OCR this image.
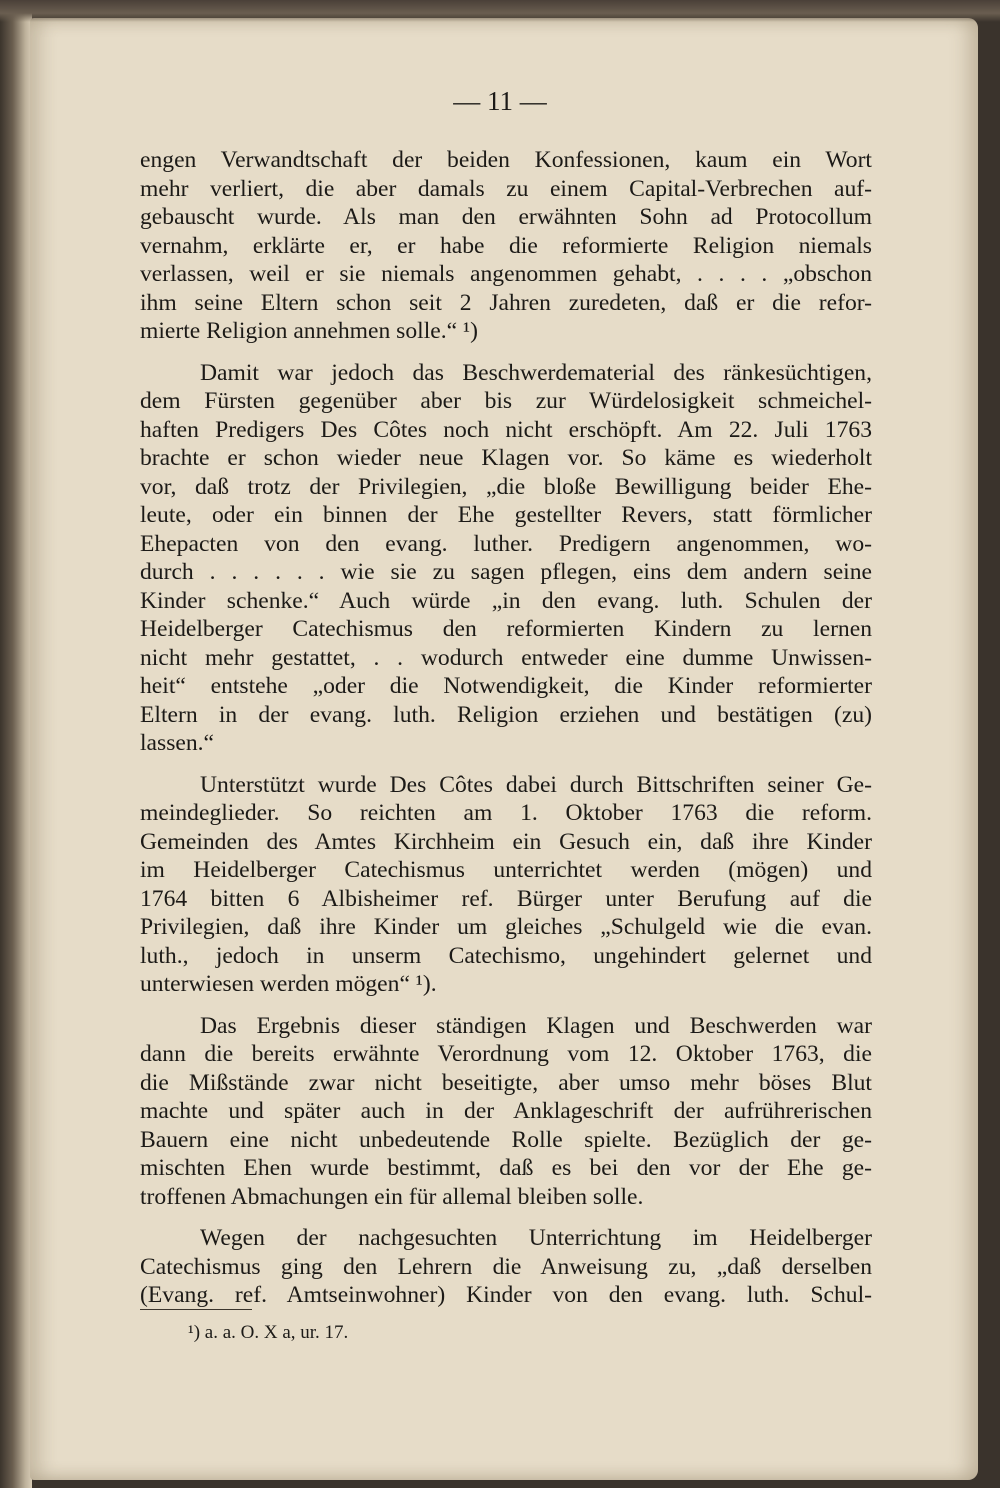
— 11 —
engen Verwandtschaft der beiden Konfessionen, kaum ein Wort
mehr verliert, die aber damals zu einem Capital-Verbrechen auf-
gebauscht wurde. Als man den erwähnten Sohn ad Protocollum
vernahm, erklärte er, er habe die reformierte Religion niemals
verlassen, weil er sie niemals angenommen gehabt, . . . . „obschon
ihm seine Eltern schon seit 2 Jahren zuredeten, daß er die refor-
mierte Religion annehmen solle.“ ¹)
Damit war jedoch das Beschwerdematerial des ränkesüchtigen,
dem Fürsten gegenüber aber bis zur Würdelosigkeit schmeichel-
haften Predigers Des Côtes noch nicht erschöpft. Am 22. Juli 1763
brachte er schon wieder neue Klagen vor. So käme es wiederholt
vor, daß trotz der Privilegien, „die bloße Bewilligung beider Ehe-
leute, oder ein binnen der Ehe gestellter Revers, statt förmlicher
Ehepacten von den evang. luther. Predigern angenommen, wo-
durch . . . . . . wie sie zu sagen pflegen, eins dem andern seine
Kinder schenke.“ Auch würde „in den evang. luth. Schulen der
Heidelberger Catechismus den reformierten Kindern zu lernen
nicht mehr gestattet, . . wodurch entweder eine dumme Unwissen-
heit“ entstehe „oder die Notwendigkeit, die Kinder reformierter
Eltern in der evang. luth. Religion erziehen und bestätigen (zu)
lassen.“
Unterstützt wurde Des Côtes dabei durch Bittschriften seiner Ge-
meindeglieder. So reichten am 1. Oktober 1763 die reform.
Gemeinden des Amtes Kirchheim ein Gesuch ein, daß ihre Kinder
im Heidelberger Catechismus unterrichtet werden (mögen) und
1764 bitten 6 Albisheimer ref. Bürger unter Berufung auf die
Privilegien, daß ihre Kinder um gleiches „Schulgeld wie die evan.
luth., jedoch in unserm Catechismo, ungehindert gelernet und
unterwiesen werden mögen“ ¹).
Das Ergebnis dieser ständigen Klagen und Beschwerden war
dann die bereits erwähnte Verordnung vom 12. Oktober 1763, die
die Mißstände zwar nicht beseitigte, aber umso mehr böses Blut
machte und später auch in der Anklageschrift der aufrührerischen
Bauern eine nicht unbedeutende Rolle spielte. Bezüglich der ge-
mischten Ehen wurde bestimmt, daß es bei den vor der Ehe ge-
troffenen Abmachungen ein für allemal bleiben solle.
Wegen der nachgesuchten Unterrichtung im Heidelberger
Catechismus ging den Lehrern die Anweisung zu, „daß derselben
(Evang. ref. Amtseinwohner) Kinder von den evang. luth. Schul-
¹) a. a. O. X a, ur. 17.
